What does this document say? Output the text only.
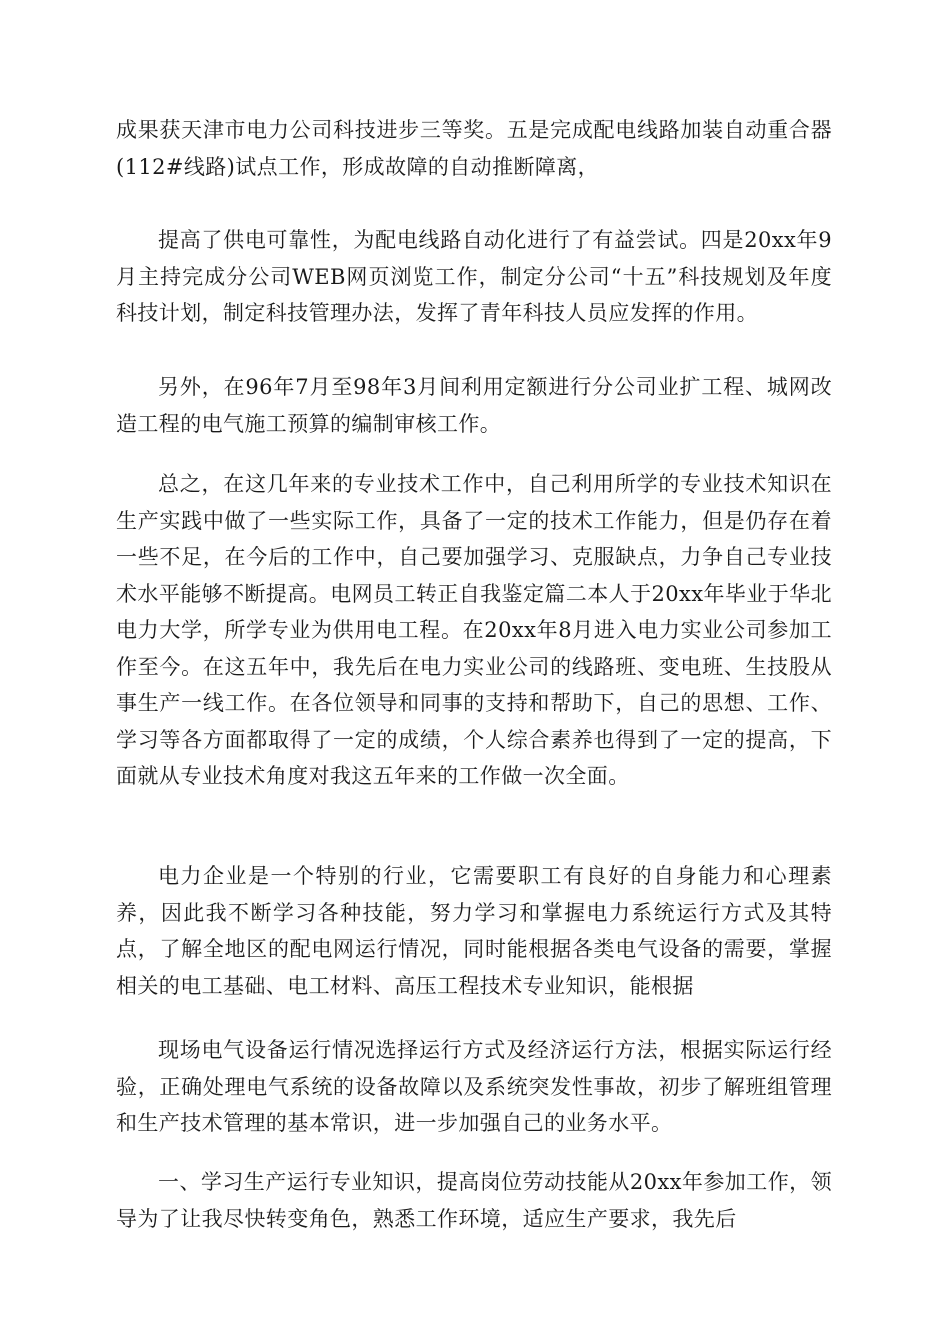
成果获天津市电力公司科技进步三等奖。五是完成配电线路加装自动重合器(112#线路)试点工作，形成故障的自动推断障离，

提高了供电可靠性，为配电线路自动化进行了有益尝试。四是20xx年9月主持完成分公司WEB网页浏览工作，制定分公司“十五”科技规划及年度科技计划，制定科技管理办法，发挥了青年科技人员应发挥的作用。

另外，在96年7月至98年3月间利用定额进行分公司业扩工程、城网改造工程的电气施工预算的编制审核工作。

总之，在这几年来的专业技术工作中，自己利用所学的专业技术知识在生产实践中做了一些实际工作，具备了一定的技术工作能力，但是仍存在着一些不足，在今后的工作中，自己要加强学习、克服缺点，力争自己专业技术水平能够不断提高。电网员工转正自我鉴定篇二本人于20xx年毕业于华北电力大学，所学专业为供用电工程。在20xx年8月进入电力实业公司参加工作至今。在这五年中，我先后在电力实业公司的线路班、变电班、生技股从事生产一线工作。在各位领导和同事的支持和帮助下，自己的思想、工作、学习等各方面都取得了一定的成绩，个人综合素养也得到了一定的提高，下面就从专业技术角度对我这五年来的工作做一次全面。

电力企业是一个特别的行业，它需要职工有良好的自身能力和心理素养，因此我不断学习各种技能，努力学习和掌握电力系统运行方式及其特点，了解全地区的配电网运行情况，同时能根据各类电气设备的需要，掌握相关的电工基础、电工材料、高压工程技术专业知识，能根据

现场电气设备运行情况选择运行方式及经济运行方法，根据实际运行经验，正确处理电气系统的设备故障以及系统突发性事故，初步了解班组管理和生产技术管理的基本常识，进一步加强自己的业务水平。

一、学习生产运行专业知识，提高岗位劳动技能从20xx年参加工作，领导为了让我尽快转变角色，熟悉工作环境，适应生产要求，我先后
